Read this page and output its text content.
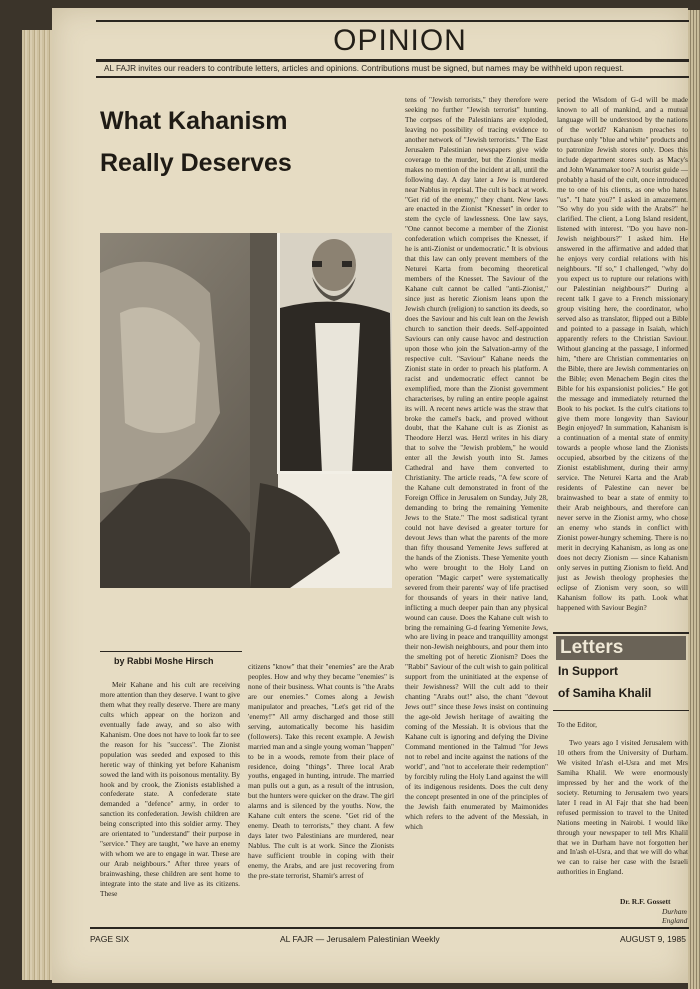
OPINION
AL FAJR invites our readers to contribute letters, articles and opinions. Contributions must be signed, but names may be withheld upon request.
What Kahanism
Really Deserves
by Rabbi Moshe Hirsch

Meir Kahane and his cult are receiving more attention than they deserve. I want to give them what they really deserve. There are many cults which appear on the horizon and eventually fade away, and so also with Kahanism. One does not have to look far to see the reason for his "success". The Zionist population was seeded and exposed to this heretic way of thinking yet before Kahanism sowed the land with its poisonous mentality. By hook and by crook, the Zionists established a confederate state. A confederate state demanded a "defence" army, in order to sanction its confederation. Jewish children are being conscripted into this soldier army. They are orientated to "understand" their purpose in "service." They are taught, "we have an enemy with whom we are to engage in war. These are our Arab neighbours." After three years of brainwashing, these children are sent home to integrate into the state and live as its citizens. These

citizens "know" that their "enemies" are the Arab peoples. How and why they became "enemies" is none of their business. What counts is "the Arabs are our enemies." Comes along a Jewish manipulator and preaches, "Let's get rid of the 'enemy!'" All army discharged and those still serving, automatically become his hasidim (followers). Take this recent example. A Jewish married man and a single young woman "happen" to be in a woods, remote from their place of residence, doing "things". Three local Arab youths, engaged in hunting, intrude. The married man pulls out a gun, as a result of the intrusion, but the hunters were quicker on the draw. The girl alarms and is silenced by the youths. Now, the Kahane cult enters the scene. "Get rid of the enemy. Death to terrorists," they chant. A few days later two Palestinians are murdered, near Nablus. The cult is at work. Since the Zionists have sufficient trouble in coping with their enemy, the Arabs, and are just recovering from the pre-state terrorist, Shamir's arrest of

tens of "Jewish terrorists," they therefore were seeking no further "Jewish terrorist" hunting. The corpses of the Palestinians are exploded, leaving no possibility of tracing evidence to another network of "Jewish terrorists." The East Jerusalem Palestinian newspapers give wide coverage to the murder, but the Zionist media makes no mention of the incident at all, until the following day. A day later a Jew is murdered near Nablus in reprisal. The cult is back at work. "Get rid of the enemy," they chant. New laws are enacted in the Zionist "Knesset" in order to stem the cycle of lawlessness. One law says, "One cannot become a member of the Zionist confederation which comprises the Knesset, if he is anti-Zionist or undemocratic." It is obvious that this law can only prevent members of the Neturei Karta from becoming theoretical members of the Knesset. The Saviour of the Kahane cult cannot be called "anti-Zionist," since just as heretic Zionism leans upon the Jewish church (religion) to sanction its deeds, so does the Saviour and his cult lean on the Jewish church to sanction their deeds. Self-appointed Saviours can only cause havoc and destruction upon those who join the Salvation-army of the respective cult. "Saviour" Kahane needs the Zionist state in order to preach his platform. A racist and undemocratic effect cannot be exemplified, more than the Zionist government characterises, by ruling an entire people against its will. A recent news article was the straw that broke the camel's back, and proved without doubt, that the Kahane cult is as Zionist as Theodore Herzl was. Herzl writes in his diary that to solve the "Jewish problem," he would enter all the Jewish youth into St. James Cathedral and have them converted to Christianity. The article reads, "A few score of the Kahane cult demonstrated in front of the Foreign Office in Jerusalem on Sunday, July 28, demanding to bring the remaining Yemenite Jews to the State." The most sadistical tyrant could not have devised a greater torture for devout Jews than what the parents of the more than fifty thousand Yemenite Jews suffered at the hands of the Zionists. These Yemenite youth who were brought to the Holy Land on operation "Magic carpet" were systematically severed from their parents' way of life practised for thousands of years in their native land, inflicting a much deeper pain than any physical wound can cause. Does the Kahane cult wish to bring the remaining G-d fearing Yemenite Jews, who are living in peace and tranquillity amongst their non-Jewish neighbours, and pour them into the smelting pot of heretic Zionism? Does the "Rabbi" Saviour of the cult wish to gain political support from the uninitiated at the expense of their Jewishness? Will the cult add to their chanting "Arabs out!" also, the chant "devout Jews out!" since these Jews insist on continuing the age-old Jewish heritage of awaiting the coming of the Messiah. It is obvious that the Kahane cult is ignoring and defying the Divine Command mentioned in the Talmud "for Jews not to rebel and incite against the nations of the world", and "not to accelerate their redemption" by forcibly ruling the Holy Land against the will of its indigenous residents. Does the cult deny the concept presented in one of the principles of the Jewish faith enumerated by Maimonides which refers to the advent of the Messiah, in which

period the Wisdom of G-d will be made known to all of mankind, and a mutual language will be understood by the nations of the world? Kahanism preaches to purchase only "blue and white" products and to patronize Jewish stores only. Does this include department stores such as Macy's and John Wanamaker too? A tourist guide — probably a hasid of the cult, once introduced me to one of his clients, as one who hates "us". "I hate you?" I asked in amazement. "So why do you side with the Arabs?" he clarified. The client, a Long Island resident, listened with interest. "Do you have non-Jewish neighbours?" I asked him. He answered in the affirmative and added that he enjoys very cordial relations with his neighbours. "If so," I challenged, "why do you expect us to rupture our relations with our Palestinian neighbours?" During a recent talk I gave to a French missionary group visiting here, the coordinator, who served also as translator, flipped out a Bible and pointed to a passage in Isaiah, which apparently refers to the Christian Saviour. Without glancing at the passage, I informed him, "there are Christian commentaries on the Bible, there are Jewish commentaries on the Bible; even Menachem Begin cites the Bible for his expansionist policies." He got the message and immediately returned the Book to his pocket. Is the cult's citations to give them more longevity than Saviour Begin enjoyed? In summation, Kahanism is a continuation of a mental state of enmity towards a people whose land the Zionists occupied, absorbed by the citizens of the Zionist establishment, during their army service. The Neturei Karta and the Arab residents of Palestine can never be brainwashed to bear a state of enmity to their Arab neighbours, and therefore can never serve in the Zionist army, who chose an enemy who stands in conflict with Zionist power-hungry scheming. There is no merit in decrying Kahanism, as long as one does not decry Zionism — since Kahanism only serves in putting Zionism to field. And just as Jewish theology prophesies the eclipse of Zionism very soon, so will Kahanism follow its path. Look what happened with Saviour Begin?

Letters
In Support
of Samiha Khalil

To the Editor,

Two years ago I visited Jerusalem with 10 others from the University of Durham. We visited In'ash el-Usra and met Mrs Samiha Khalil. We were enormously impressed by her and the work of the society. Returning to Jerusalem two years later I read in Al Fajr that she had been refused permission to travel to the United Nations meeting in Nairobi. I would like through your newspaper to tell Mrs Khalil that we in Durham have not forgotten her and In'ash el-Usra, and that we will do what we can to raise her case with the Israeli authorities in England.

Dr. R.F. Gossett
Durham
England
PAGE SIX	AL FAJR — Jerusalem Palestinian Weekly	AUGUST 9, 1985
